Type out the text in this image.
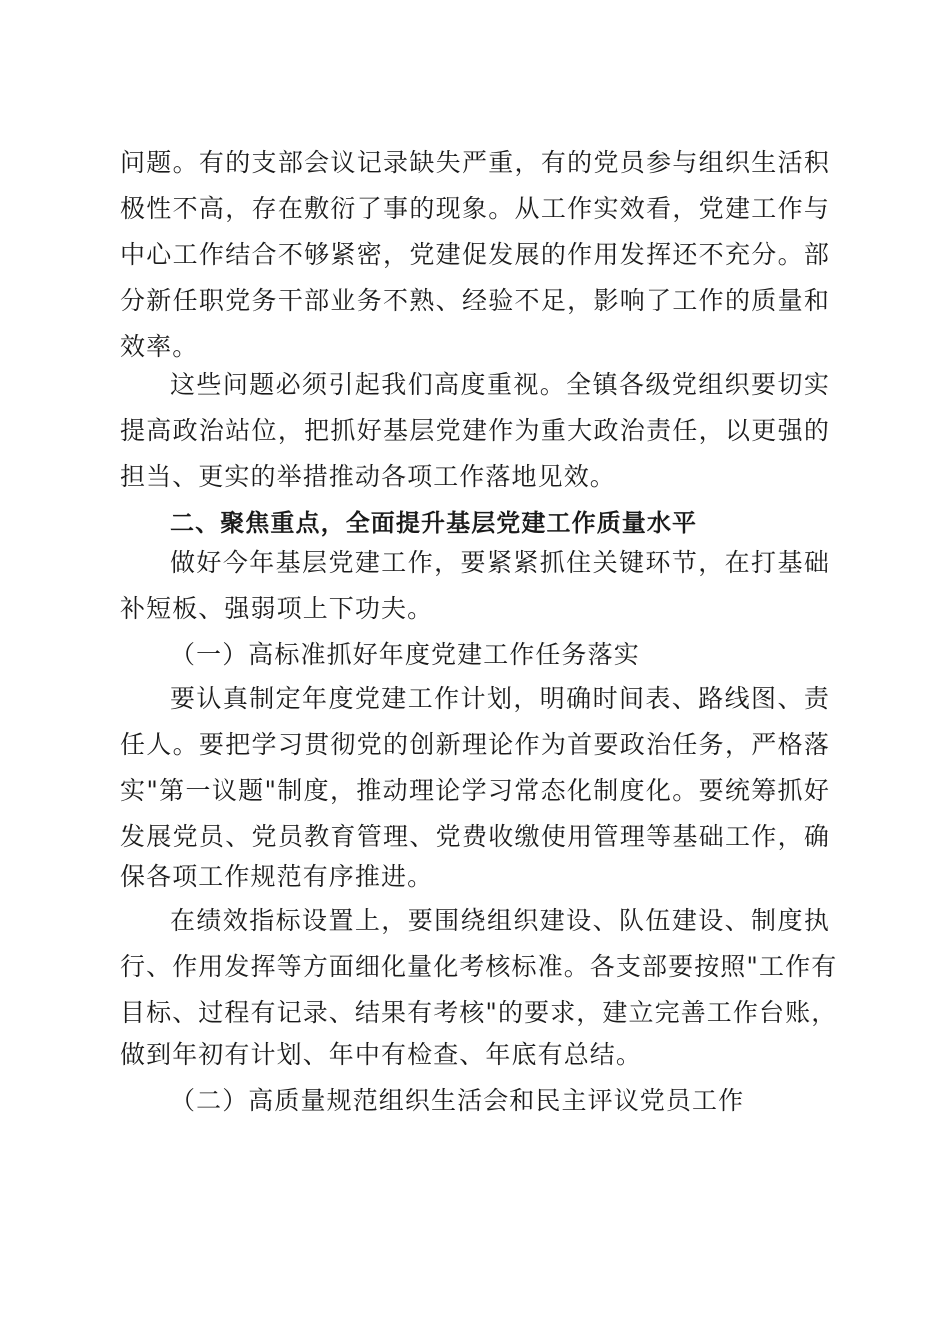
问题。有的支部会议记录缺失严重，有的党员参与组织生活积
极性不高，存在敷衍了事的现象。从工作实效看，党建工作与
中心工作结合不够紧密，党建促发展的作用发挥还不充分。部
分新任职党务干部业务不熟、经验不足，影响了工作的质量和
效率。
这些问题必须引起我们高度重视。全镇各级党组织要切实
提高政治站位，把抓好基层党建作为重大政治责任，以更强的
担当、更实的举措推动各项工作落地见效。
二、聚焦重点，全面提升基层党建工作质量水平
做好今年基层党建工作，要紧紧抓住关键环节，在打基础
补短板、强弱项上下功夫。
（一）高标准抓好年度党建工作任务落实
要认真制定年度党建工作计划，明确时间表、路线图、责
任人。要把学习贯彻党的创新理论作为首要政治任务，严格落
实"第一议题"制度，推动理论学习常态化制度化。要统筹抓好
发展党员、党员教育管理、党费收缴使用管理等基础工作，确
保各项工作规范有序推进。
在绩效指标设置上，要围绕组织建设、队伍建设、制度执
行、作用发挥等方面细化量化考核标准。各支部要按照"工作有
目标、过程有记录、结果有考核"的要求，建立完善工作台账，
做到年初有计划、年中有检查、年底有总结。
（二）高质量规范组织生活会和民主评议党员工作
